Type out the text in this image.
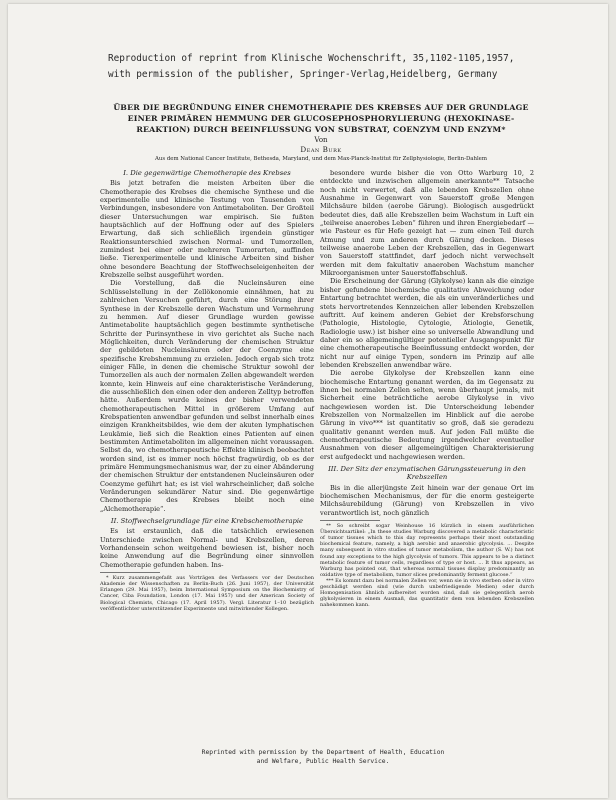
Reproduction of reprint from Klinische Wochenschrift, 35,1102-1105,1957,
with permission of the publisher, Springer-Verlag,Heidelberg, Germany
ÜBER DIE BEGRÜNDUNG EINER CHEMOTHERAPIE DES KREBSES AUF DER GRUNDLAGE
EINER PRIMÄREN HEMMUNG DER GLUCOSEPHOSPHORYLIERUNG (HEXOKINASE-
REAKTION) DURCH BEEINFLUSSUNG VON SUBSTRAT, COENZYM UND ENZYM*
Von
Dean Burk
Aus dem National Cancer Institute, Bethesda, Maryland, und dem Max-Planck-Institut für Zellphysiologie, Berlin-Dahlem
I. Die gegenwärtige Chemotherapie des Krebses

Bis jetzt betrafen die meisten Arbeiten über die Chemotherapie des Krebses die chemische Synthese und die experimentelle und klinische Testung von Tausenden von Verbindungen, insbesondere von Antimetaboliten. Der Großteil dieser Untersuchungen war empirisch. Sie fußten hauptsächlich auf der Hoffnung oder auf des Spielers Erwartung, daß sich schließlich irgendein günstiger Reaktionsunterschied zwischen Normal- und Tumorzellen, zumindest bei einer oder mehreren Tumorarten, auffinden ließe. Tierexperimentelle und klinische Arbeiten sind bisher ohne besondere Beachtung der Stoffwechseleigenheiten der Krebszelle selbst ausgeführt worden.

Die Vorstellung, daß die Nucleinsäuren eine Schlüsselstellung in der Zellökonomie einnähmen, hat zu zahlreichen Versuchen geführt, durch eine Störung ihrer Synthese in der Krebszelle deren Wachstum und Vermehrung zu hemmen. Auf dieser Grundlage wurden gewisse Antimetabolite hauptsächlich gegen bestimmte synthetische Schritte der Purinsynthese in vivo gerichtet als Suche nach Möglichkeiten, durch Veränderung der chemischen Struktur der gebildeten Nucleinsäuren oder der Coenzyme eine spezifische Krebshemmung zu erzielen. Jedoch ergab sich trotz einiger Fälle, in denen die chemische Struktur sowohl der Tumorzellen als auch der normalen Zellen abgewandelt werden konnte, kein Hinweis auf eine charakteristische Veränderung, die ausschließlich den einen oder den anderen Zelltyp betroffen hätte. Außerdem wurde keines der bisher verwendeten chemotherapeutischen Mittel in größerem Umfang auf Krebspatienten anwendbar gefunden und selbst innerhalb eines einzigen Krankheitsbildes, wie dem der akuten lymphatischen Leukämie, ließ sich die Reaktion eines Patienten auf einen bestimmten Antimetaboliten im allgemeinen nicht voraussagen. Selbst da, wo chemotherapeutische Effekte klinisch beobachtet worden sind, ist es immer noch höchst fragwürdig, ob es der primäre Hemmungsmechanismus war, der zu einer Abänderung der chemischen Struktur der entstandenen Nucleinsäuren oder Coenzyme geführt hat; es ist viel wahrscheinlicher, daß solche Veränderungen sekundärer Natur sind. Die gegenwärtige Chemotherapie des Krebses bleibt noch eine „Alchemotherapie“.

II. Stoffwechselgrundlage für eine Krebschemotherapie

Es ist erstaunlich, daß die tatsächlich erwiesenen Unterschiede zwischen Normal- und Krebszellen, deren Vorhandensein schon weitgehend bewiesen ist, bisher noch keine Anwendung auf die Begründung einer sinnvollen Chemotherapie gefunden haben. Ins-

* Kurz zusammengefaßt aus Vorträgen des Verfassers vor der Deutschen Akademie der Wissenschaften zu Berlin-Buch (26. Juni 1957), der Universität Erlangen (29. Mai 1957), beim International Symposium on the Biochemistry of Cancer, Ciba Foundation, London (17. Mai 1957) und der American Society of Biological Chemists, Chicago (17. April 1957). Vergl. Literatur 1–10 bezüglich veröffentlichter unterstützender Experimente und mitwirkender Kollegen.

besondere wurde bisher die von Otto Warburg 10, 2 entdeckte und inzwischen allgemein anerkannte** Tatsache noch nicht verwertet, daß alle lebenden Krebszellen ohne Ausnahme in Gegenwart von Sauerstoff große Mengen Milchsäure bilden (aerobe Gärung). Biologisch ausgedrückt bedeutet dies, daß alle Krebszellen beim Wachstum in Luft ein „teilweise anaerobes Leben“ führen und ihren Energiebedarf — wie Pasteur es für Hefe gezeigt hat — zum einen Teil durch Atmung und zum anderen durch Gärung decken. Dieses teilweise anaerobe Leben der Krebszellen, das in Gegenwart von Sauerstoff stattfindet, darf jedoch nicht verwechselt werden mit dem fakultativ anaeroben Wachstum mancher Mikroorganismen unter Sauerstoffabschluß.

Die Erscheinung der Gärung (Glykolyse) kann als die einzige bisher gefundene biochemische qualitative Abweichung oder Entartung betrachtet werden, die als ein unveränderliches und stets hervortretendes Kennzeichen aller lebenden Krebszellen auftritt. Auf keinem anderen Gebiet der Krebsforschung (Pathologie, Histologie, Cytologie, Ätiologie, Genetik, Radiologie usw.) ist bisher eine so universelle Abwandlung und daher ein so allgemeingültiger potentieller Ausgangspunkt für eine chemotherapeutische Beeinflussung entdeckt worden, der nicht nur auf einige Typen, sondern im Prinzip auf alle lebenden Krebszellen anwendbar wäre.

Die aerobe Glykolyse der Krebszellen kann eine biochemische Entartung genannt werden, da im Gegensatz zu ihnen bei normalen Zellen selten, wenn überhaupt jemals, mit Sicherheit eine beträchtliche aerobe Glykolyse in vivo nachgewiesen worden ist. Die Unterscheidung lebender Krebszellen von Normalzellen im Hinblick auf die aerobe Gärung in vivo*** ist quantitativ so groß, daß sie geradezu qualitativ genannt werden muß. Auf jeden Fall müßte die chemotherapeutische Bedeutung irgendwelcher eventueller Ausnahmen von dieser allgemeingültigen Charakterisierung erst aufgedeckt und nachgewiesen werden.

III. Der Sitz der enzymatischen Gärungssteuerung in den Krebszellen

Bis in die allerjüngste Zeit hinein war der genaue Ort im biochemischen Mechanismus, der für die enorm gesteigerte Milchsäurebildung (Gärung) von Krebszellen in vivo verantwortlich ist, noch gänzlich

** So schreibt sogar Weinhouse 16 kürzlich in einem ausführlichen Übersichtsartikel: „In these studies Warburg discovered a metabolic characteristic of tumor tissues which to this day represents perhaps their most outstanding biochemical feature, namely, a high aerobic and anaerobic glycolysis. ... Despite many subsequent in vitro studies of tumor metabolism, the author (S. W.) has not found any exceptions to the high glycolysis of tumors. This appears to be a distinct metabolic feature of tumor cells, regardless of type or host. ... It thus appears, as Warburg has pointed out, that whereas normal tissues display predominantly an oxidative type of metabolism, tumor slices predominantly ferment glucose.“

*** Es kommt dazu bei normalen Zellen vor, wenn sie in vivo sterben oder in vitro geschädigt werden sind (wie durch unbefriedigende Medien) oder durch Homogenisation ähnlich aufbereitet worden sind, daß sie gelegentlich aerob glykolysieren in einem Ausmaß, das quantitativ dem von lebenden Krebszellen nahekommen kann.

Reprinted with permission by the Department of Health, Education
and Welfare, Public Health Service.
